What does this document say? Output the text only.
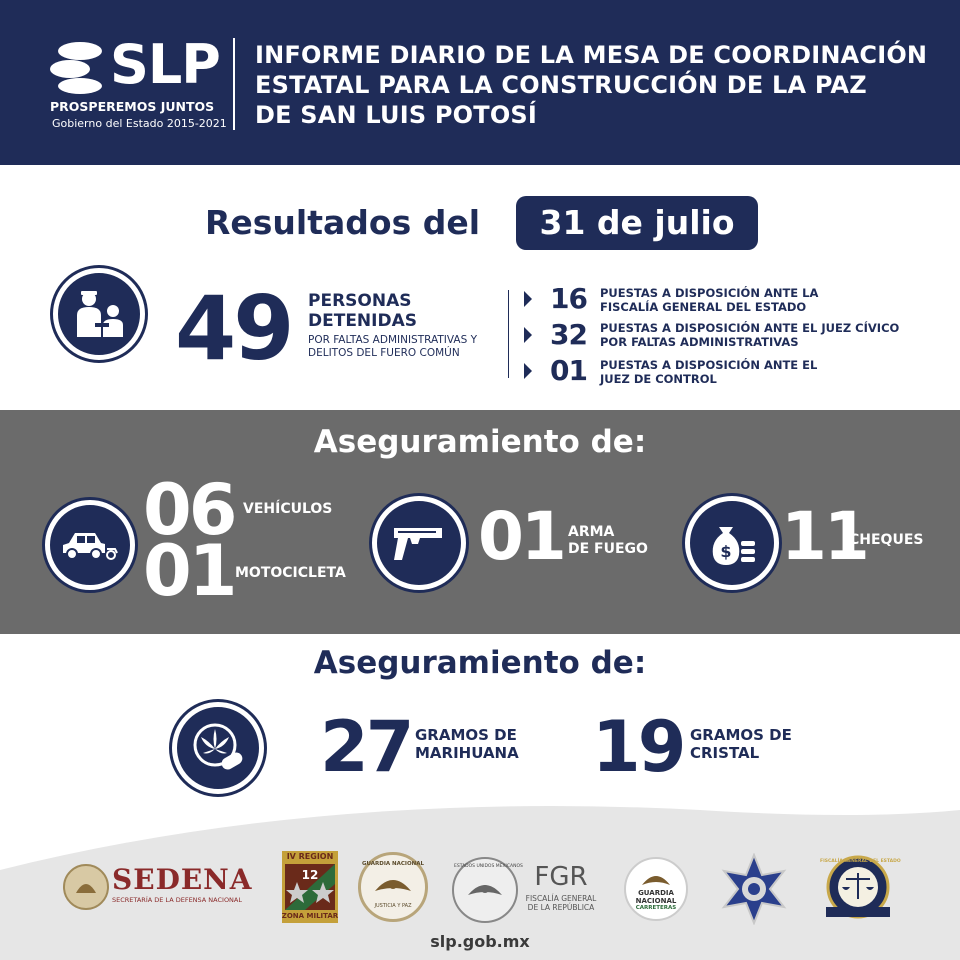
SLP
PROSPEREMOS JUNTOS
Gobierno del Estado 2015-2021
INFORME DIARIO DE LA MESA DE COORDINACIÓN
ESTATAL PARA LA CONSTRUCCIÓN DE LA PAZ
DE SAN LUIS POTOSÍ
Resultados del	31 de julio
49 PERSONAS
DETENIDAS
POR FALTAS ADMINISTRATIVAS Y
DELITOS DEL FUERO COMÚN
16 PUESTAS A DISPOSICIÓN ANTE LA
FISCALÍA GENERAL DEL ESTADO
32 PUESTAS A DISPOSICIÓN ANTE EL JUEZ CÍVICO
POR FALTAS ADMINISTRATIVAS
01 PUESTAS A DISPOSICIÓN ANTE EL
JUEZ DE CONTROL
Aseguramiento de:
06 VEHÍCULOS
01 MOTOCICLETA 01 ARMA
DE FUEGO	$ 11
CHEQUES
Aseguramiento de:
27 GRAMOS DE
MARIHUANA 19 GRAMOS DE
CRISTAL
SEDENA
SECRETARÍA DE LA DEFENSA NACIONAL
IV REGION
12
ZONA MILITAR
GUARDIA NACIONAL
JUSTICIA Y PAZ
ESTADOS UNIDOS MEXICANOS FGR
FISCALÍA GENERAL
DE LA REPÚBLICA
GUARDIA
NACIONAL
CARRETERAS
FISCALÍA GENERAL DEL ESTADO
slp.gob.mx
